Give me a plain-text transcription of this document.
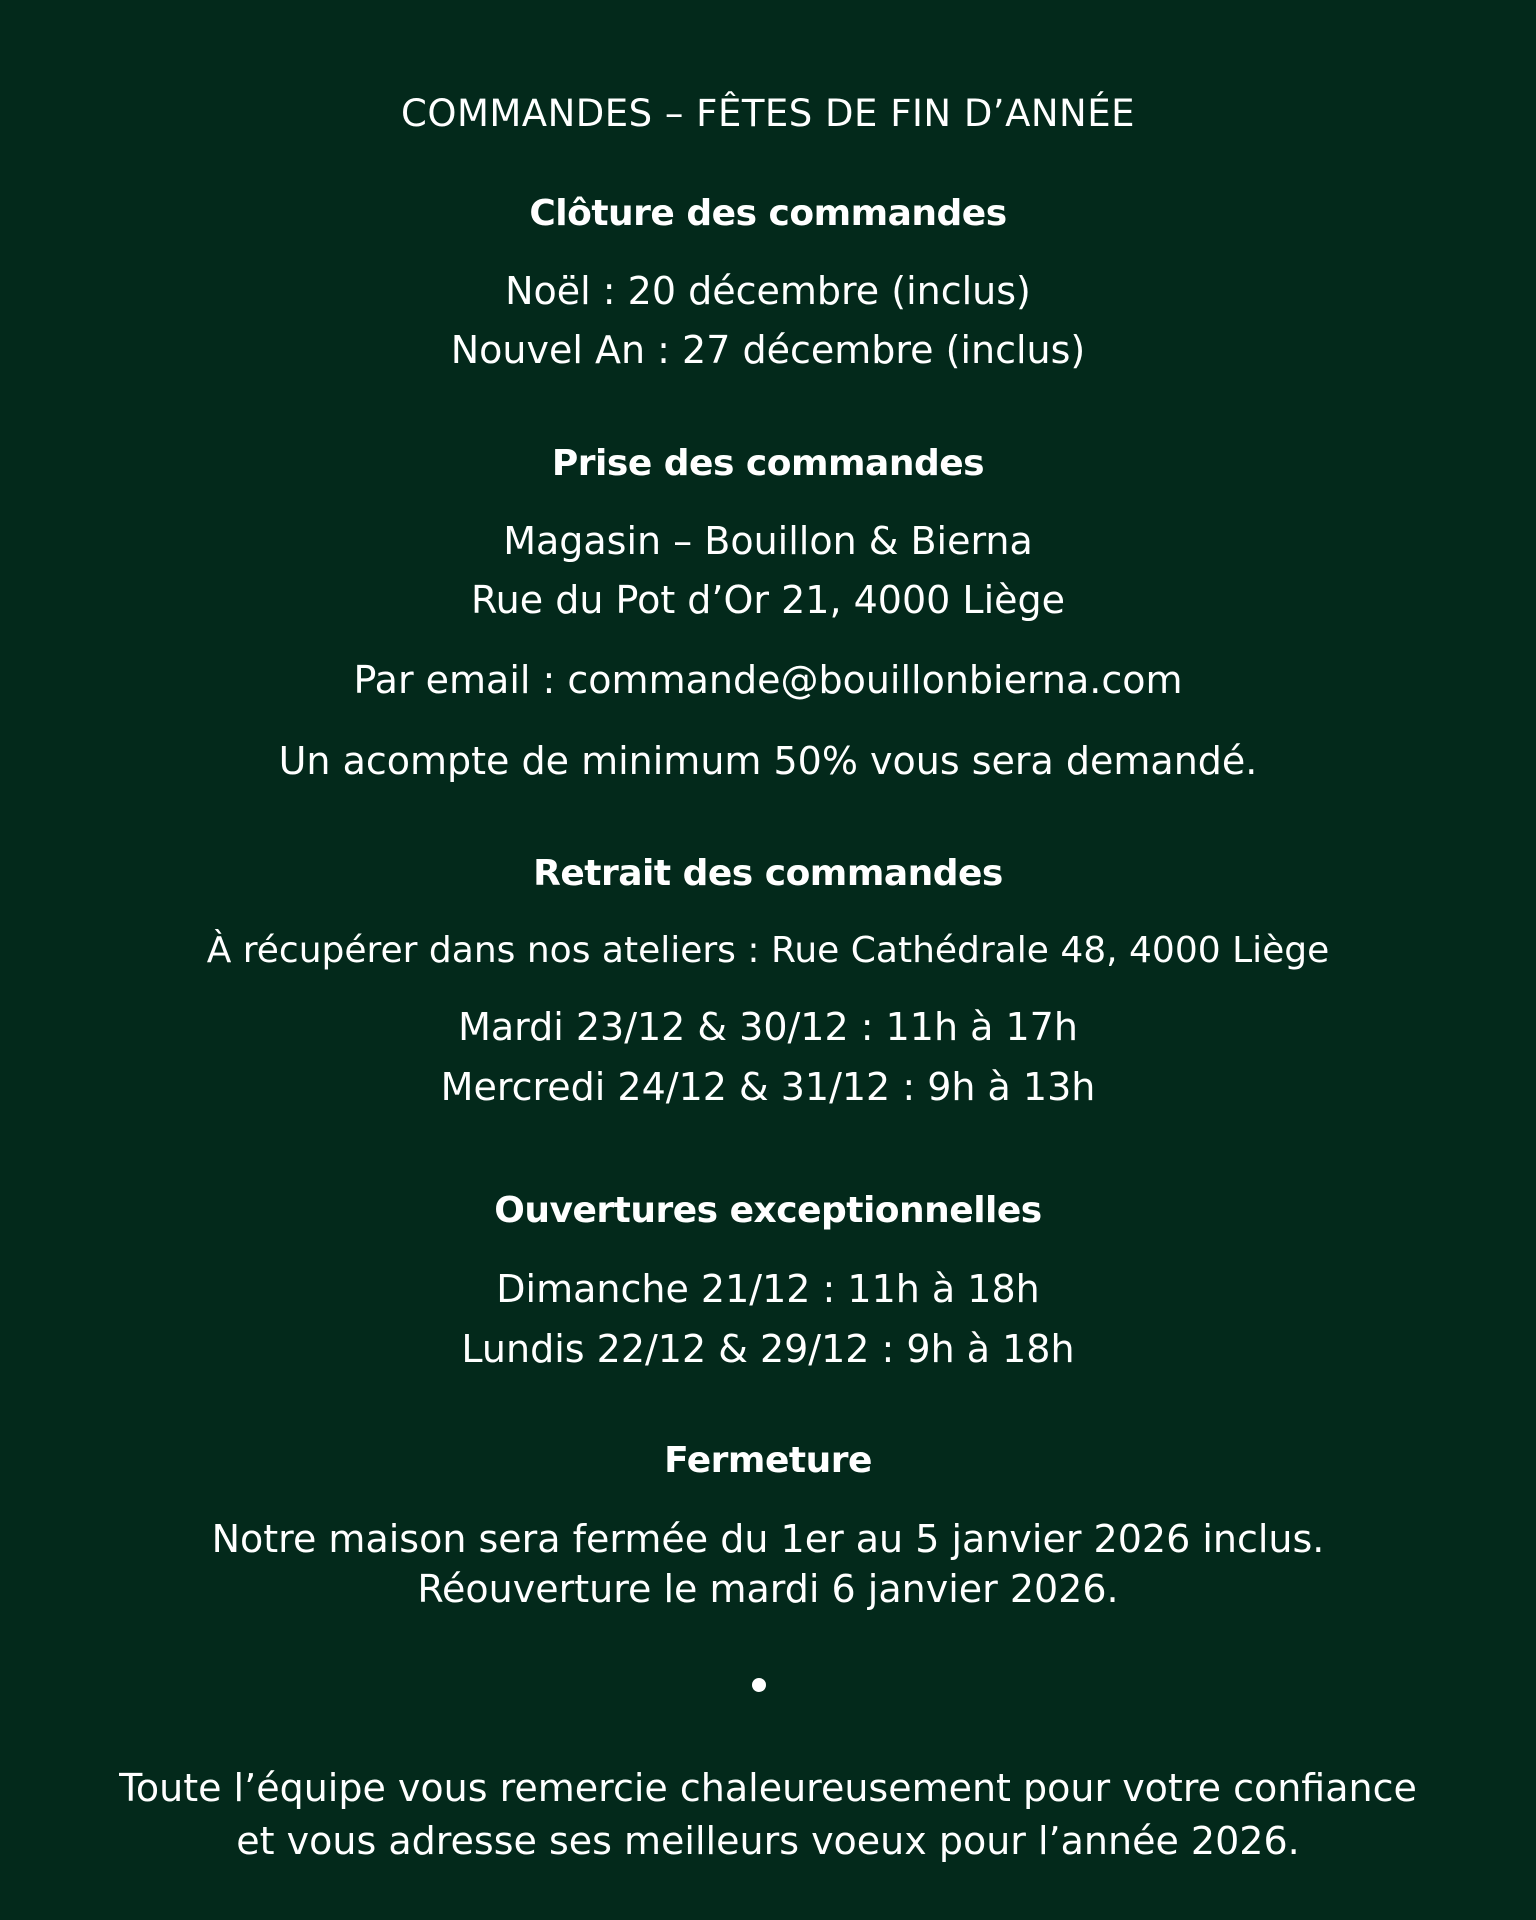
COMMANDES – FÊTES DE FIN D’ANNÉE
Clôture des commandes
Noël : 20 décembre (inclus)
Nouvel An : 27 décembre (inclus)
Prise des commandes
Magasin – Bouillon & Bierna
Rue du Pot d’Or 21, 4000 Liège
Par email : commande@bouillonbierna.com
Un acompte de minimum 50% vous sera demandé.
Retrait des commandes
À récupérer dans nos ateliers : Rue Cathédrale 48, 4000 Liège
Mardi 23/12 & 30/12 : 11h à 17h
Mercredi 24/12 & 31/12 : 9h à 13h
Ouvertures exceptionnelles
Dimanche 21/12 : 11h à 18h
Lundis 22/12 & 29/12 : 9h à 18h
Fermeture
Notre maison sera fermée du 1er au 5 janvier 2026 inclus.
Réouverture le mardi 6 janvier 2026.
Toute l’équipe vous remercie chaleureusement pour votre confiance
et vous adresse ses meilleurs voeux pour l’année 2026.
